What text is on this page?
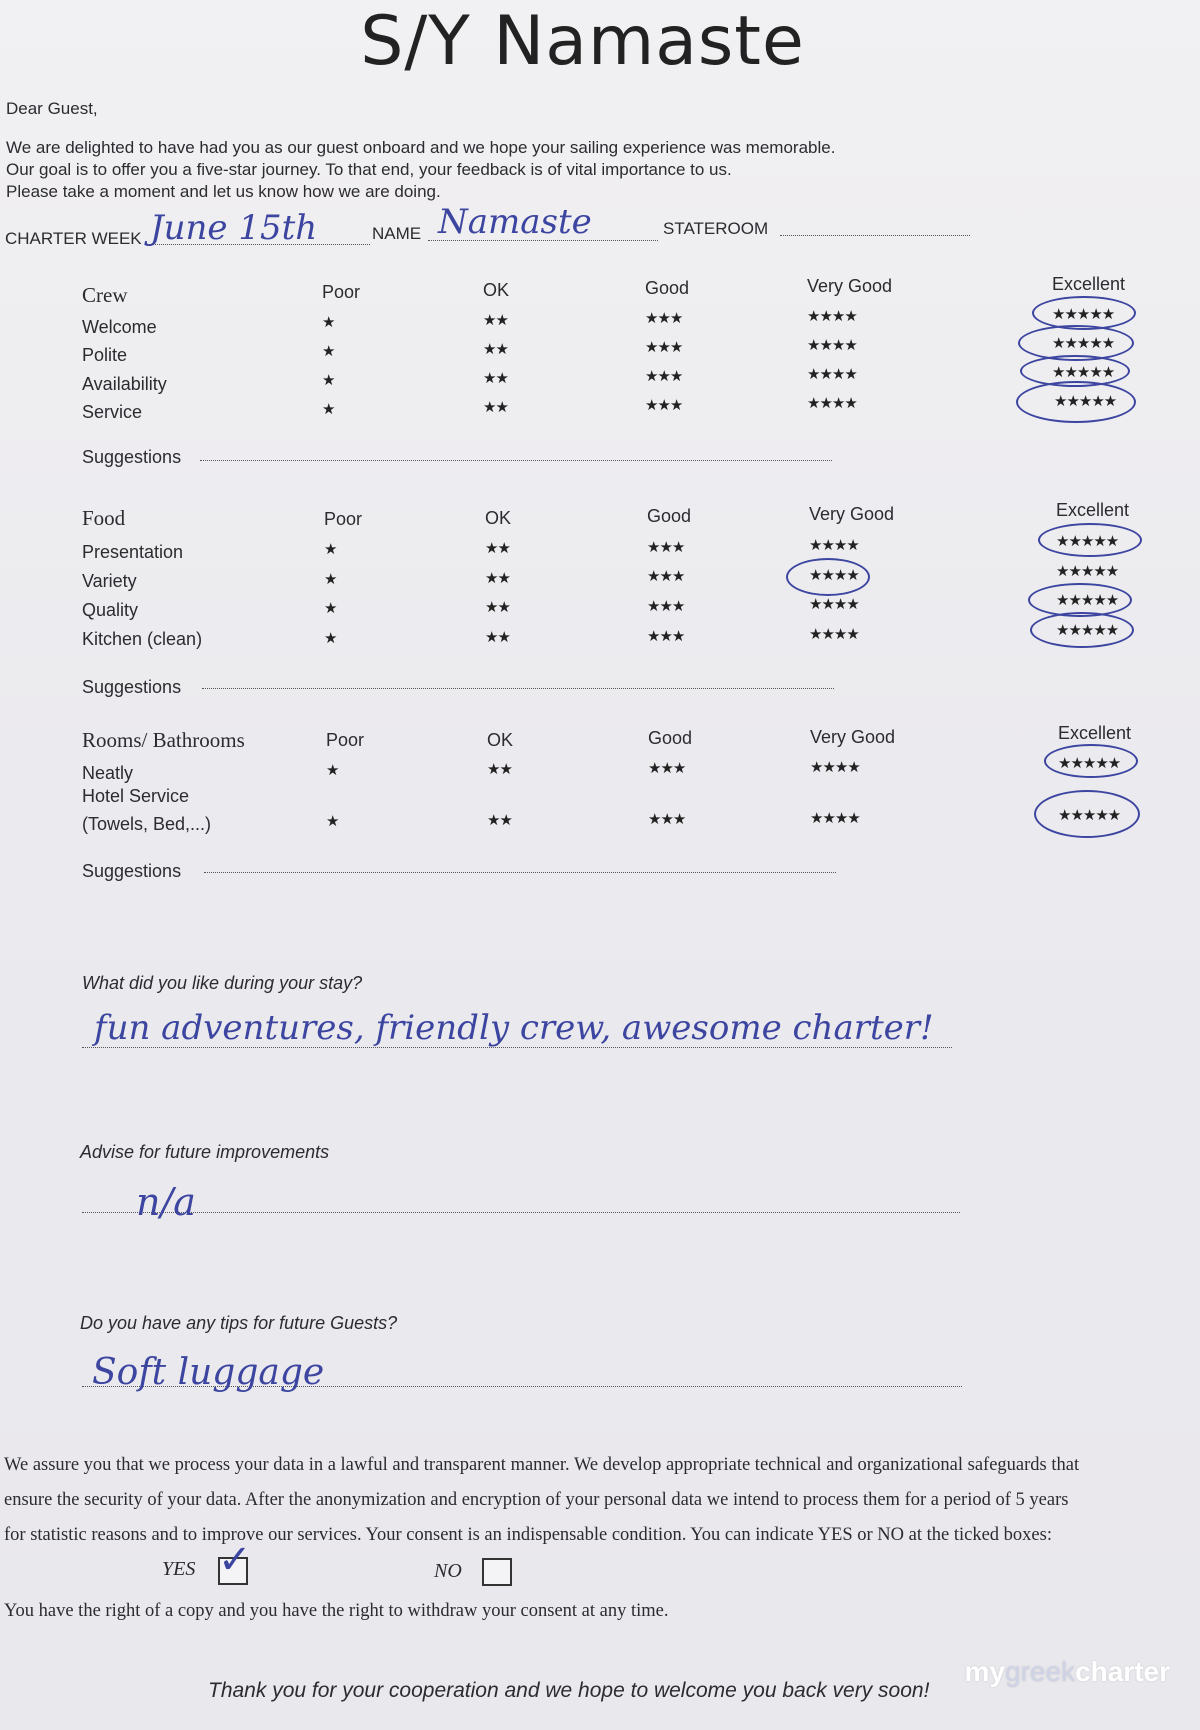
S/Y Namaste
Dear Guest,
We are delighted to have had you as our guest onboard and we hope your sailing experience was memorable.
Our goal is to offer you a five-star journey. To that end, your feedback is of vital importance to us.
Please take a moment and let us know how we are doing.
CHARTER WEEK June 15th	NAME Namaste	STATEROOM
Crew	Poor	OK	Good	Very Good	Excellent
Welcome	★	★★	★★★	★★★★	★★★★★
Polite	★	★★	★★★	★★★★	★★★★★
Availability	★	★★	★★★	★★★★	★★★★★
Service	★	★★	★★★	★★★★	★★★★★
Suggestions
Food	Poor	OK	Good	Very Good	Excellent
Presentation	★	★★	★★★	★★★★	★★★★★
Variety	★	★★	★★★	★★★★	★★★★★
Quality	★	★★	★★★	★★★★	★★★★★
Kitchen (clean)	★	★★	★★★	★★★★	★★★★★
Suggestions
Rooms/ Bathrooms	Poor	OK	Good	Very Good	Excellent
Neatly	★	★★	★★★	★★★★	★★★★★
Hotel Service
(Towels, Bed,...)	★	★★	★★★	★★★★	★★★★★
Suggestions
What did you like during your stay?
fun adventures, friendly crew, awesome charter!
Advise for future improvements
n/a
Do you have any tips for future Guests?
Soft luggage
We assure you that we process your data in a lawful and transparent manner. We develop appropriate technical and organizational safeguards that
ensure the security of your data. After the anonymization and encryption of your personal data we intend to process them for a period of 5 years
for statistic reasons and to improve our services. Your consent is an indispensable condition. You can indicate YES or NO at the ticked boxes:
YES ✓	NO
You have the right of a copy and you have the right to withdraw your consent at any time.
Thank you for your cooperation and we hope to welcome you back very soon!
mygreekcharter
